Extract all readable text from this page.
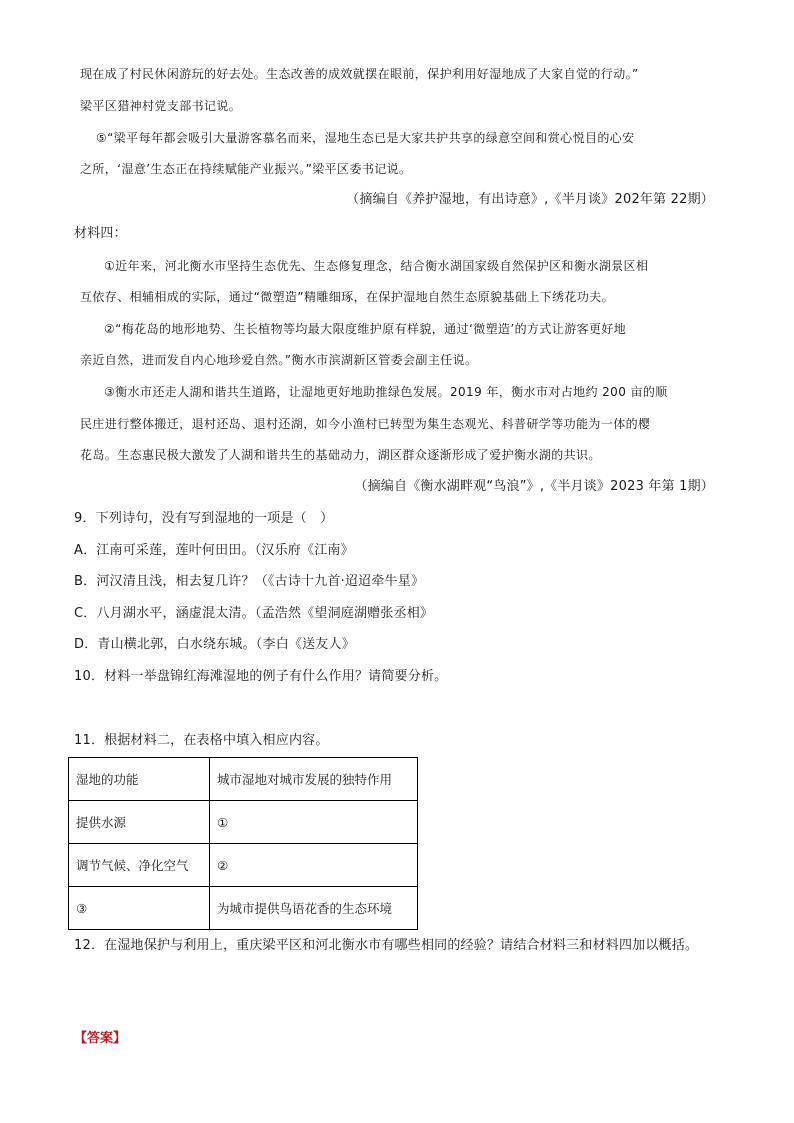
现在成了村民休闲游玩的好去处。生态改善的成效就摆在眼前，保护利用好湿地成了大家自觉的行动。”
梁平区猎神村党支部书记说。
⑤“梁平每年都会吸引大量游客慕名而来，湿地生态已是大家共护共享的绿意空间和赏心悦目的心安
之所，‘湿意’生态正在持续赋能产业振兴。”梁平区委书记说。
（摘编自《养护湿地，有出诗意》,《半月谈》202年第 22期）
材料四：
①近年来，河北衡水市坚持生态优先、生态修复理念，结合衡水湖国家级自然保护区和衡水湖景区相
互依存、相辅相成的实际，通过“微塑造”精雕细琢，在保护湿地自然生态原貌基础上下绣花功夫。
②“梅花岛的地形地势、生长植物等均最大限度维护原有样貌，通过‘微塑造’的方式让游客更好地
亲近自然，进而发自内心地珍爱自然。”衡水市滨湖新区管委会副主任说。
③衡水市还走人湖和谐共生道路，让湿地更好地助推绿色发展。2019 年，衡水市对占地约 200 亩的顺
民庄进行整体搬迁，退村还岛、退村还湖，如今小渔村已转型为集生态观光、科普研学等功能为一体的樱
花岛。生态惠民极大激发了人湖和谐共生的基础动力，湖区群众逐渐形成了爱护衡水湖的共识。
（摘编自《衡水湖畔观“鸟浪”》,《半月谈》2023 年第 1期）
9．下列诗句，没有写到湿地的一项是（　）
A．江南可采莲，莲叶何田田。（汉乐府《江南》
B．河汉清且浅，相去复几许？（《古诗十九首·迢迢牵牛星》
C．八月湖水平，涵虚混太清。（孟浩然《望洞庭湖赠张丞相》
D．青山横北郭，白水绕东城。（李白《送友人》
10．材料一举盘锦红海滩湿地的例子有什么作用？请简要分析。
11．根据材料二，在表格中填入相应内容。
湿地的功能	城市湿地对城市发展的独特作用
提供水源	①
调节气候、净化空气	②
③	为城市提供鸟语花香的生态环境
12．在湿地保护与利用上，重庆梁平区和河北衡水市有哪些相同的经验？请结合材料三和材料四加以概括。
【答案】
